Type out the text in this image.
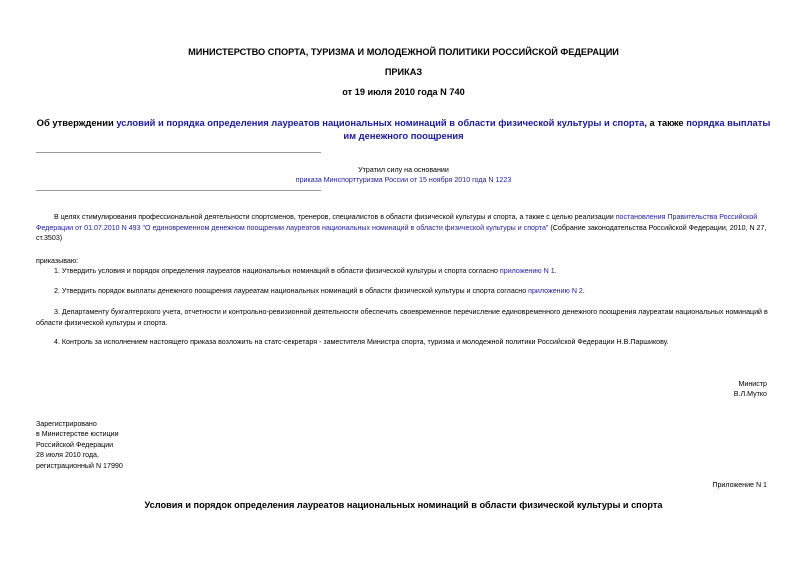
МИНИСТЕРСТВО СПОРТА, ТУРИЗМА И МОЛОДЕЖНОЙ ПОЛИТИКИ РОССИЙСКОЙ ФЕДЕРАЦИИ
ПРИКАЗ
от 19 июля 2010 года N 740
Об утверждении условий и порядка определения лауреатов национальных номинаций в области физической культуры и спорта, а также порядка выплаты им денежного поощрения
Утратил силу на основании
приказа Минспорттуризма России от 15 ноября 2010 года N 1223
В целях стимулирования профессиональной деятельности спортсменов, тренеров, специалистов в области физической культуры и спорта, а также с целью реализации постановления Правительства Российской Федерации от 01.07.2010 N 493 "О единовременном денежном поощрении лауреатов национальных номинаций в области физической культуры и спорта" (Собрание законодательства Российской Федерации, 2010, N 27, ст.3503)
приказываю:
1. Утвердить условия и порядок определения лауреатов национальных номинаций в области физической культуры и спорта согласно приложению N 1.
2. Утвердить порядок выплаты денежного поощрения лауреатам национальных номинаций в области физической культуры и спорта согласно приложению N 2.
3. Департаменту бухгалтерского учета, отчетности и контрольно-ревизионной деятельности обеспечить своевременное перечисление единовременного денежного поощрения лауреатам национальных номинаций в области физической культуры и спорта.
4. Контроль за исполнением настоящего приказа возложить на статс-секретаря - заместителя Министра спорта, туризма и молодежной политики Российской Федерации Н.В.Паршикову.
Министр
В.Л.Мутко
Зарегистрировано
в Министерстве юстиции
Российской Федерации
28 июля 2010 года,
регистрационный N 17990
Приложение N 1
Условия и порядок определения лауреатов национальных номинаций в области физической культуры и спорта
